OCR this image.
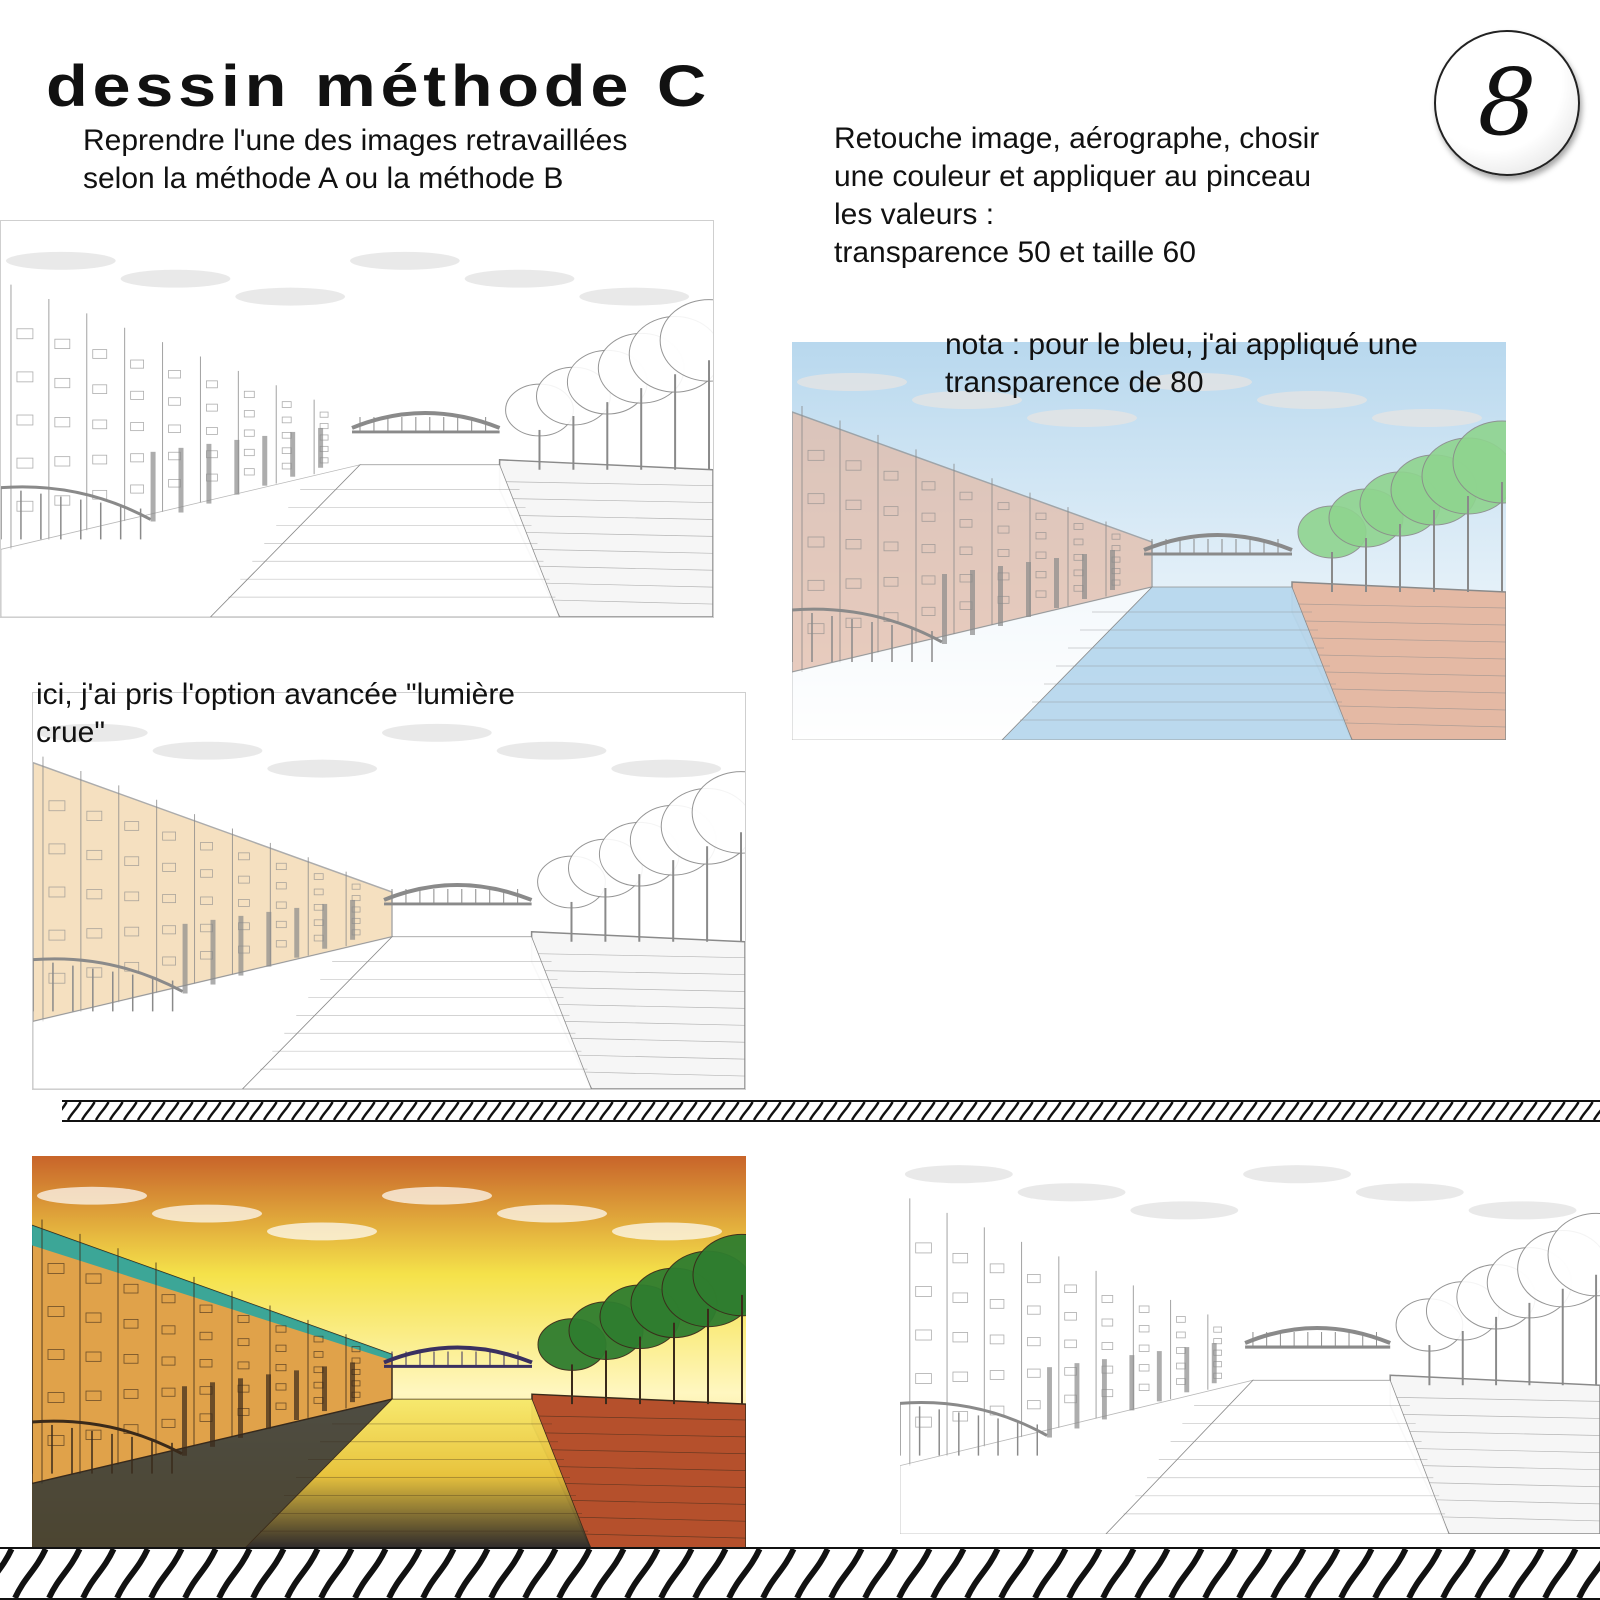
dessin méthode C	8
Reprendre l'une des images retravaillées
selon la méthode A ou la méthode B
Retouche image, aérographe, chosir
une couleur et appliquer au pinceau
les valeurs :
transparence 50 et taille 60
nota : pour le bleu, j'ai appliqué une
transparence de 80
ici, j'ai pris l'option avancée "lumière
crue"
